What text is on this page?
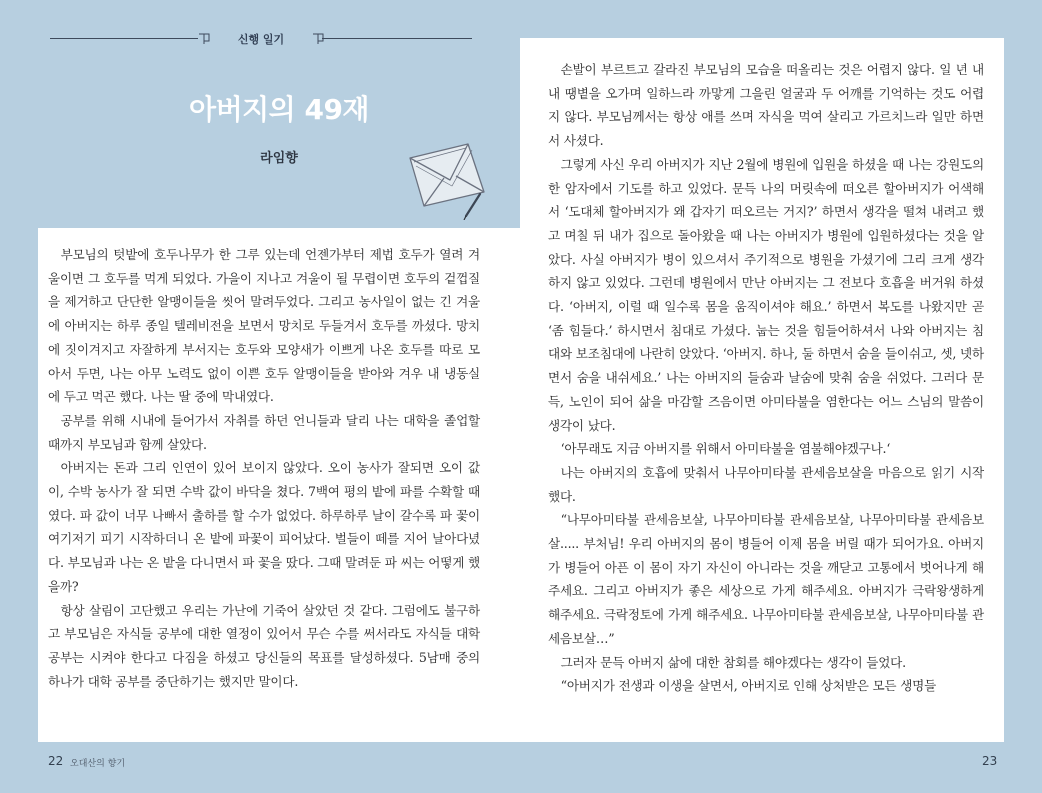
신행 일기
아버지의 49재
라임향

부모님의 텃밭에 호두나무가 한 그루 있는데 언젠가부터 제법 호두가 열려 겨울이면 그 호두를 먹게 되었다. 가을이 지나고 겨울이 될 무렵이면 호두의 겉껍질을 제거하고 단단한 알맹이들을 씻어 말려두었다. 그리고 농사일이 없는 긴 겨울에 아버지는 하루 종일 텔레비전을 보면서 망치로 두들겨서 호두를 까셨다. 망치에 짓이겨지고 자잘하게 부서지는 호두와 모양새가 이쁘게 나온 호두를 따로 모아서 두면, 나는 아무 노력도 없이 이쁜 호두 알맹이들을 받아와 겨우 내 냉동실에 두고 먹곤 했다. 나는 딸 중에 막내였다.

공부를 위해 시내에 들어가서 자취를 하던 언니들과 달리 나는 대학을 졸업할 때까지 부모님과 함께 살았다.

아버지는 돈과 그리 인연이 있어 보이지 않았다. 오이 농사가 잘되면 오이 값이, 수박 농사가 잘 되면 수박 값이 바닥을 쳤다. 7백여 평의 밭에 파를 수확할 때였다. 파 값이 너무 나빠서 출하를 할 수가 없었다. 하루하루 날이 갈수록 파 꽃이 여기저기 피기 시작하더니 온 밭에 파꽃이 피어났다. 벌들이 떼를 지어 날아다녔다. 부모님과 나는 온 밭을 다니면서 파 꽃을 땄다. 그때 말려둔 파 씨는 어떻게 했을까?

항상 살림이 고단했고 우리는 가난에 기죽어 살았던 것 같다. 그럼에도 불구하고 부모님은 자식들 공부에 대한 열정이 있어서 무슨 수를 써서라도 자식들 대학공부는 시켜야 한다고 다짐을 하셨고 당신들의 목표를 달성하셨다. 5남매 중의 하나가 대학 공부를 중단하기는 했지만 말이다.

손발이 부르트고 갈라진 부모님의 모습을 떠올리는 것은 어렵지 않다. 일 년 내내 땡볕을 오가며 일하느라 까맣게 그을린 얼굴과 두 어깨를 기억하는 것도 어렵지 않다. 부모님께서는 항상 애를 쓰며 자식을 먹여 살리고 가르치느라 일만 하면서 사셨다.

그렇게 사신 우리 아버지가 지난 2월에 병원에 입원을 하셨을 때 나는 강원도의 한 암자에서 기도를 하고 있었다. 문득 나의 머릿속에 떠오른 할아버지가 어색해서 ‘도대체 할아버지가 왜 갑자기 떠오르는 거지?’ 하면서 생각을 떨쳐 내려고 했고 며칠 뒤 내가 집으로 돌아왔을 때 나는 아버지가 병원에 입원하셨다는 것을 알았다. 사실 아버지가 병이 있으셔서 주기적으로 병원을 가셨기에 그리 크게 생각하지 않고 있었다. 그런데 병원에서 만난 아버지는 그 전보다 호흡을 버거워 하셨다. ‘아버지, 이럴 때 일수록 몸을 움직이셔야 해요.’ 하면서 복도를 나왔지만 곧 ‘좀 힘들다.’ 하시면서 침대로 가셨다. 눕는 것을 힘들어하셔서 나와 아버지는 침대와 보조침대에 나란히 앉았다. ‘아버지. 하나, 둘 하면서 숨을 들이쉬고, 셋, 넷하면서 숨을 내쉬세요.’ 나는 아버지의 들숨과 날숨에 맞춰 숨을 쉬었다. 그러다 문득, 노인이 되어 삶을 마감할 즈음이면 아미타불을 염한다는 어느 스님의 말씀이 생각이 났다.

‘아무래도 지금 아버지를 위해서 아미타불을 염불해야겠구나.‘

나는 아버지의 호흡에 맞춰서 나무아미타불 관세음보살을 마음으로 읽기 시작했다.

“나무아미타불 관세음보살, 나무아미타불 관세음보살, 나무아미타불 관세음보살..... 부처님! 우리 아버지의 몸이 병들어 이제 몸을 버릴 때가 되어가요. 아버지가 병들어 아픈 이 몸이 자기 자신이 아니라는 것을 깨닫고 고통에서 벗어나게 해주세요. 그리고 아버지가 좋은 세상으로 가게 해주세요. 아버지가 극락왕생하게 해주세요. 극락정토에 가게 해주세요. 나무아미타불 관세음보살, 나무아미타불 관세음보살…”

그러자 문득 아버지 삶에 대한 참회를 해야겠다는 생각이 들었다.

“아버지가 전생과 이생을 살면서, 아버지로 인해 상처받은 모든 생명들

22 오대산의 향기	23
